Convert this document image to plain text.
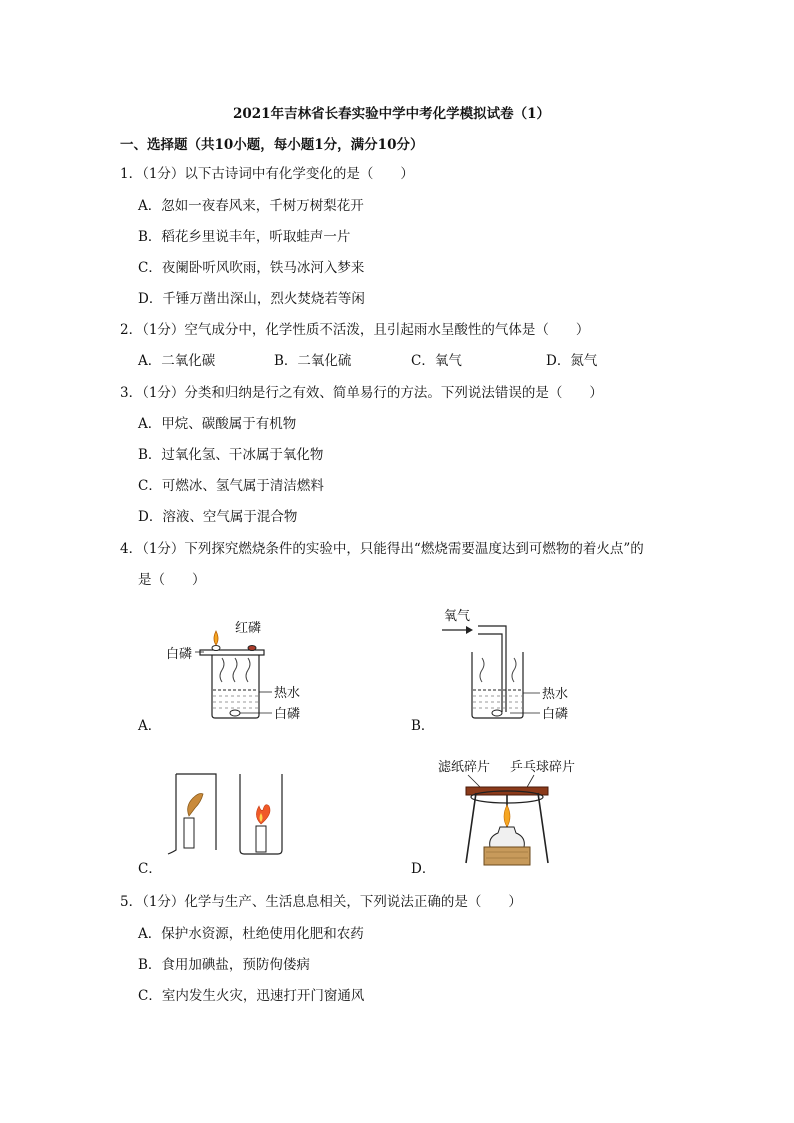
2021年吉林省长春实验中学中考化学模拟试卷（1）
一、选择题（共10小题，每小题1分，满分10分）
1．（1分）以下古诗词中有化学变化的是（　　）
A．忽如一夜春风来，千树万树梨花开
B．稻花乡里说丰年，听取蛙声一片
C．夜阑卧听风吹雨，铁马冰河入梦来
D．千锤万凿出深山，烈火焚烧若等闲
2．（1分）空气成分中，化学性质不活泼，且引起雨水呈酸性的气体是（　　）
A．二氧化碳	B．二氧化硫	C．氧气	D．氮气
3．（1分）分类和归纳是行之有效、简单易行的方法。下列说法错误的是（　　）
A．甲烷、碳酸属于有机物
B．过氧化氢、干冰属于氧化物
C．可燃冰、氢气属于清洁燃料
D．溶液、空气属于混合物
4．（1分）下列探究燃烧条件的实验中，只能得出“燃烧需要温度达到可燃物的着火点”的
是（　　）
红磷
白磷
热水
白磷
A．
氧气
热水
白磷
B．
C．
滤纸碎片 乒乓球碎片
D．
5．（1分）化学与生产、生活息息相关，下列说法正确的是（　　）
A．保护水资源，杜绝使用化肥和农药
B．食用加碘盐，预防佝偻病
C．室内发生火灾，迅速打开门窗通风
